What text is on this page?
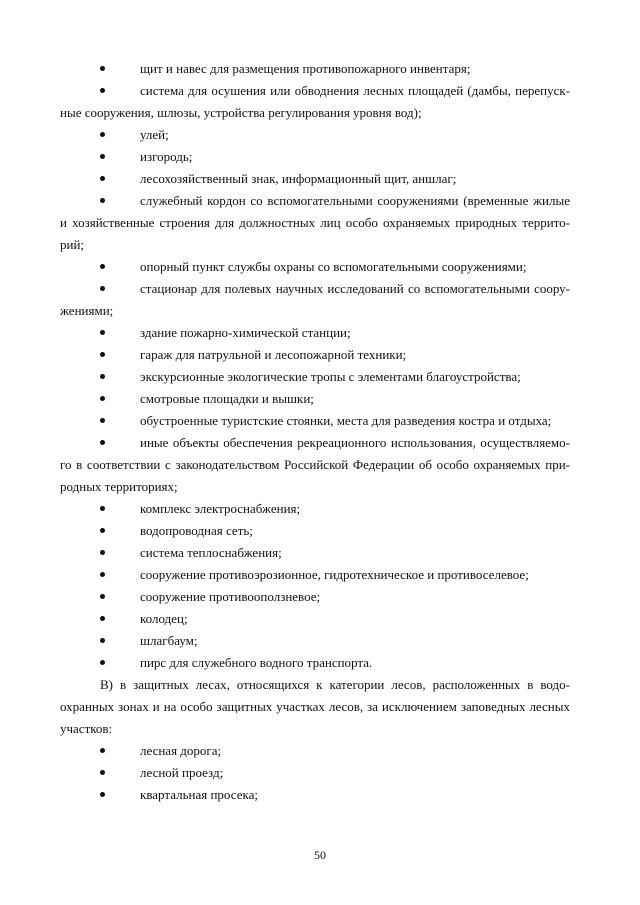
щит и навес для размещения противопожарного инвентаря;
система для осушения или обводнения лесных площадей (дамбы, перепуск-ные сооружения, шлюзы, устройства регулирования уровня вод);
улей;
изгородь;
лесохозяйственный знак, информационный щит, аншлаг;
служебный кордон со вспомогательными сооружениями (временные жилые и хозяйственные строения для должностных лиц особо охраняемых природных террито-рий;
опорный пункт службы охраны со вспомогательными сооружениями;
стационар для полевых научных исследований со вспомогательными соору-жениями;
здание пожарно-химической станции;
гараж для патрульной и лесопожарной техники;
экскурсионные экологические тропы с элементами благоустройства;
смотровые площадки и вышки;
обустроенные туристские стоянки, места для разведения костра и отдыха;
иные объекты обеспечения рекреационного использования, осуществляемо-го в соответствии с законодательством Российской Федерации об особо охраняемых при-родных территориях;
комплекс электроснабжения;
водопроводная сеть;
система теплоснабжения;
сооружение противоэрозионное, гидротехническое и противоселевое;
сооружение противооползневое;
колодец;
шлагбаум;
пирс для служебного водного транспорта.
В) в защитных лесах, относящихся к категории лесов, расположенных в водо-охранных зонах и на особо защитных участках лесов, за исключением заповедных лесных участков:
лесная дорога;
лесной проезд;
квартальная просека;
50
